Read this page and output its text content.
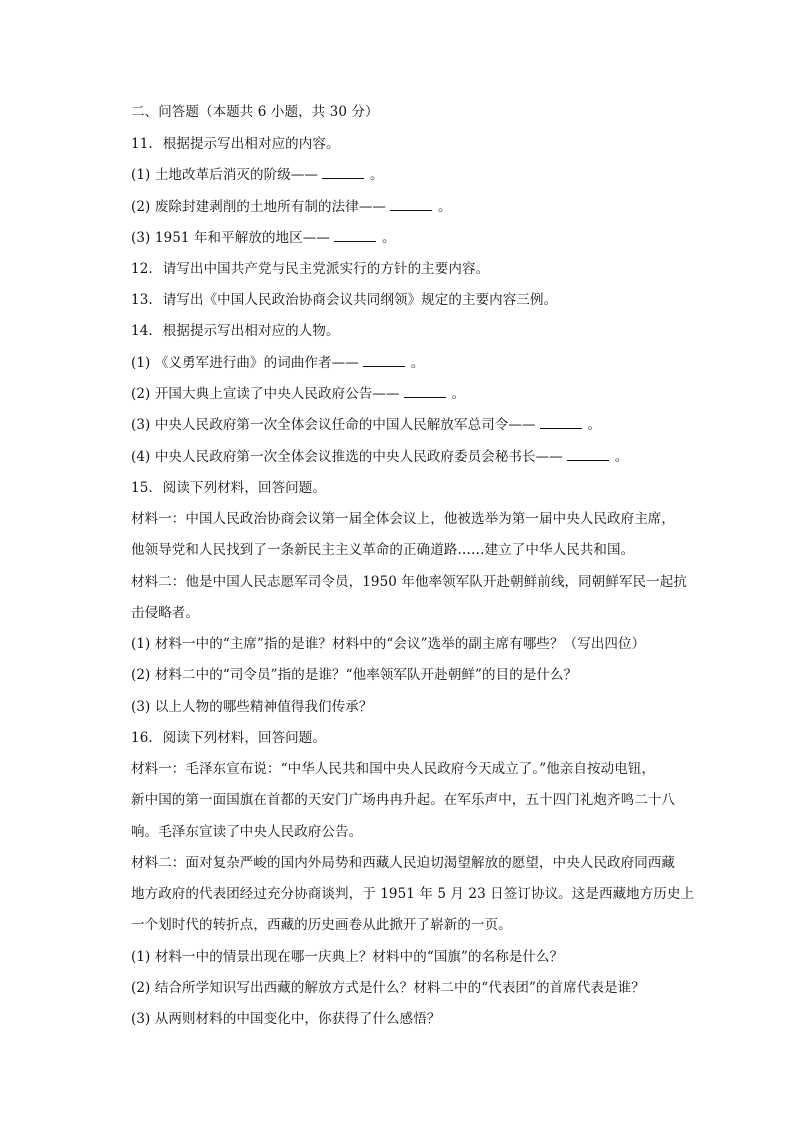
二、问答题（本题共 6 小题，共 30 分）
11. 根据提示写出相对应的内容。
(1) 土地改革后消灭的阶级——	。
(2) 废除封建剥削的土地所有制的法律——	。
(3) 1951 年和平解放的地区——	。
12. 请写出中国共产党与民主党派实行的方针的主要内容。
13. 请写出《中国人民政治协商会议共同纲领》规定的主要内容三例。
14. 根据提示写出相对应的人物。
(1) 《义勇军进行曲》的词曲作者——	。
(2) 开国大典上宣读了中央人民政府公告——	。
(3) 中央人民政府第一次全体会议任命的中国人民解放军总司令——	。
(4) 中央人民政府第一次全体会议推选的中央人民政府委员会秘书长——	。
15. 阅读下列材料，回答问题。
材料一：中国人民政治协商会议第一届全体会议上，他被选举为第一届中央人民政府主席，
他领导党和人民找到了一条新民主主义革命的正确道路……建立了中华人民共和国。
材料二：他是中国人民志愿军司令员，1950 年他率领军队开赴朝鲜前线，同朝鲜军民一起抗
击侵略者。
(1) 材料一中的“主席”指的是谁？材料中的“会议”选举的副主席有哪些？（写出四位）
(2) 材料二中的“司令员”指的是谁？“他率领军队开赴朝鲜”的目的是什么？
(3) 以上人物的哪些精神值得我们传承？
16. 阅读下列材料，回答问题。
材料一：毛泽东宣布说：“中华人民共和国中央人民政府今天成立了。”他亲自按动电钮，
新中国的第一面国旗在首都的天安门广场冉冉升起。在军乐声中，五十四门礼炮齐鸣二十八
响。毛泽东宣读了中央人民政府公告。
材料二：面对复杂严峻的国内外局势和西藏人民迫切渴望解放的愿望，中央人民政府同西藏
地方政府的代表团经过充分协商谈判，于 1951 年 5 月 23 日签订协议。这是西藏地方历史上
一个划时代的转折点，西藏的历史画卷从此掀开了崭新的一页。
(1) 材料一中的情景出现在哪一庆典上？材料中的“国旗”的名称是什么？
(2) 结合所学知识写出西藏的解放方式是什么？材料二中的“代表团”的首席代表是谁？
(3) 从两则材料的中国变化中，你获得了什么感悟？
